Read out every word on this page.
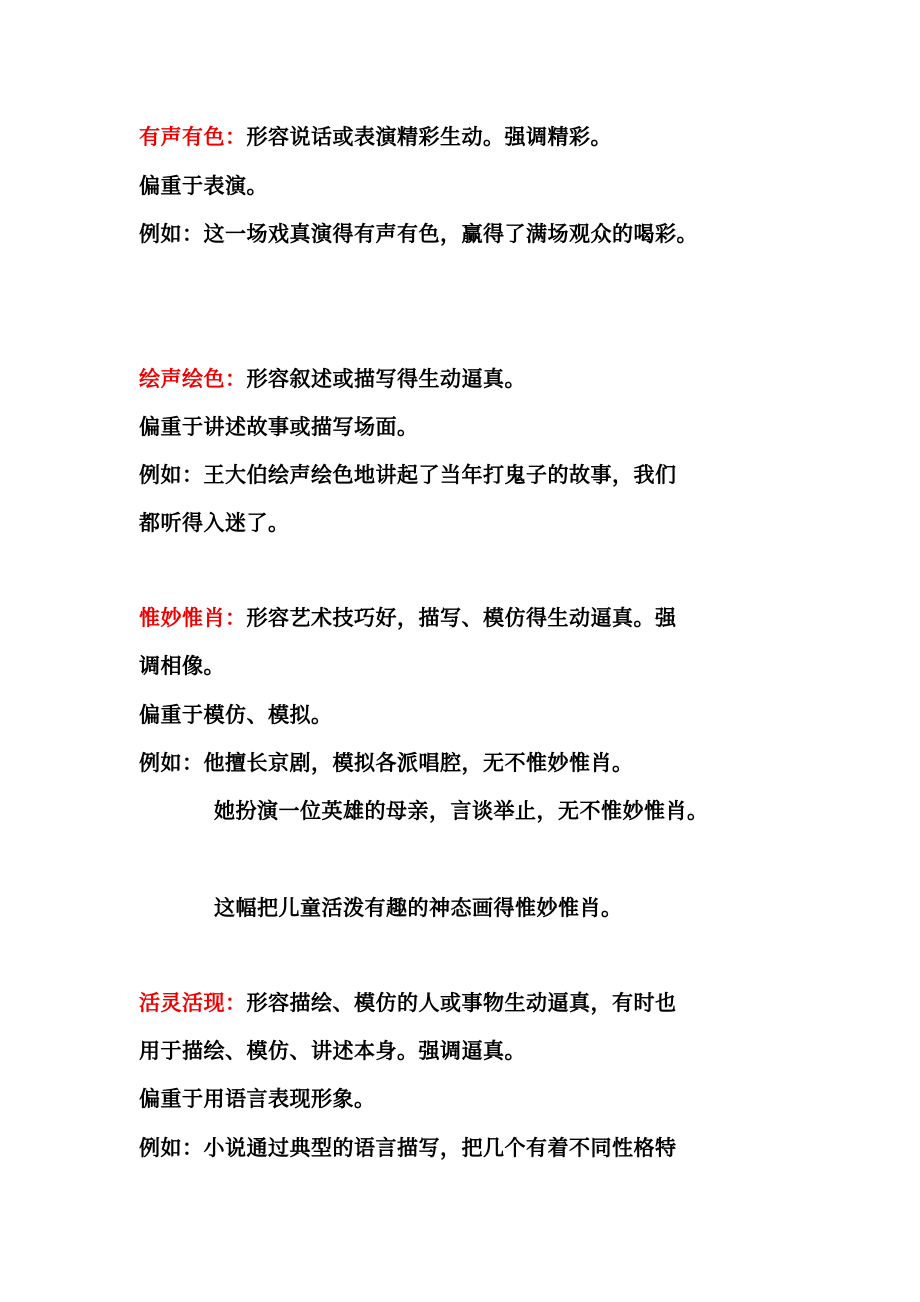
有声有色：形容说话或表演精彩生动。强调精彩。
偏重于表演。
例如：这一场戏真演得有声有色，赢得了满场观众的喝彩。
绘声绘色：形容叙述或描写得生动逼真。
偏重于讲述故事或描写场面。
例如：王大伯绘声绘色地讲起了当年打鬼子的故事，我们
都听得入迷了。
惟妙惟肖：形容艺术技巧好，描写、模仿得生动逼真。强
调相像。
偏重于模仿、模拟。
例如：他擅长京剧，模拟各派唱腔，无不惟妙惟肖。
她扮演一位英雄的母亲，言谈举止，无不惟妙惟肖。
这幅把儿童活泼有趣的神态画得惟妙惟肖。
活灵活现：形容描绘、模仿的人或事物生动逼真，有时也
用于描绘、模仿、讲述本身。强调逼真。
偏重于用语言表现形象。
例如：小说通过典型的语言描写，把几个有着不同性格特
